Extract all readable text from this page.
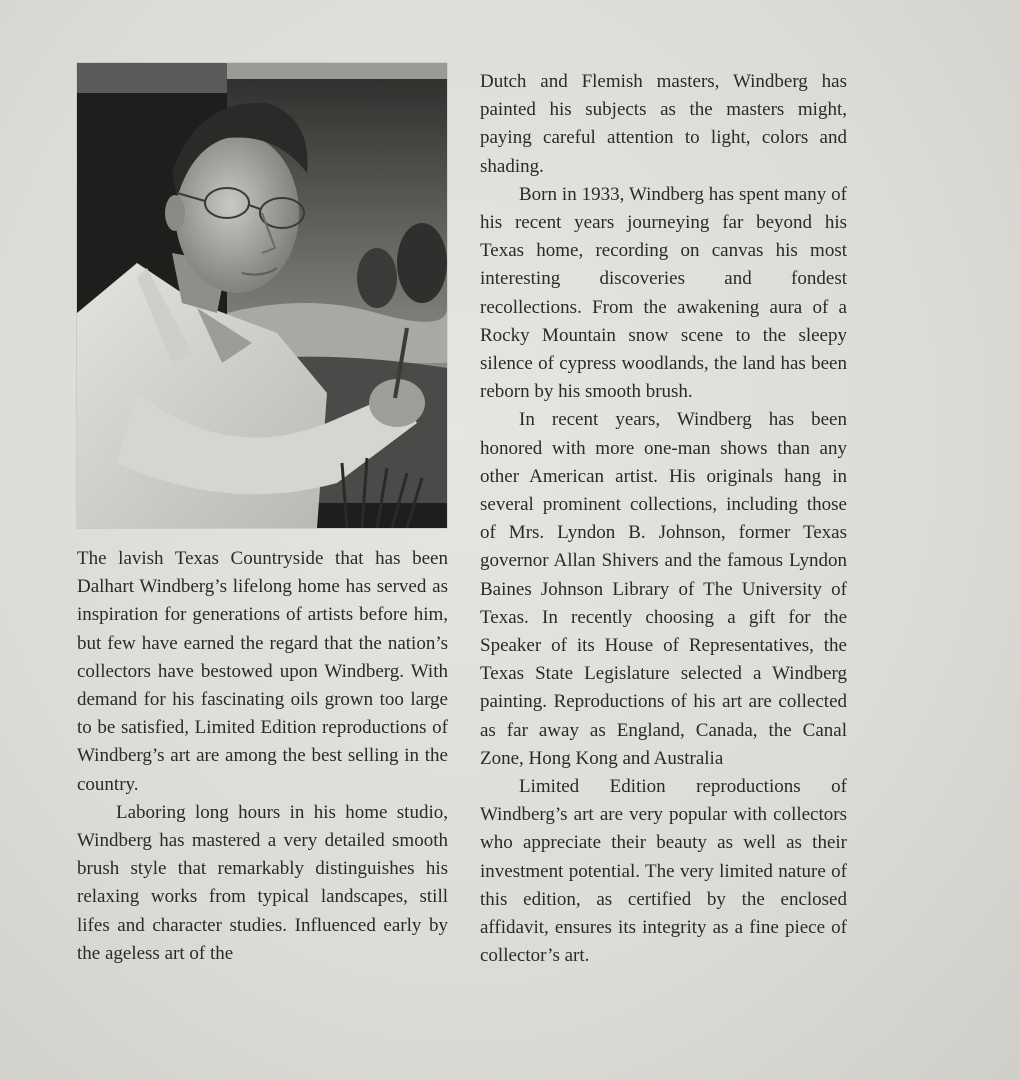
The lavish Texas Countryside that has been Dalhart Windberg’s lifelong home has served as inspiration for generations of artists before him, but few have earned the regard that the nation’s collectors have bestowed upon Windberg. With demand for his fascinating oils grown too large to be satisfied, Limited Edition reproductions of Windberg’s art are among the best selling in the country.

Laboring long hours in his home studio, Windberg has mastered a very detailed smooth brush style that remarkably distinguishes his relaxing works from typical landscapes, still lifes and character studies. Influenced early by the ageless art of the

Dutch and Flemish masters, Windberg has painted his subjects as the masters might, paying careful attention to light, colors and shading.

Born in 1933, Windberg has spent many of his recent years journeying far beyond his Texas home, recording on canvas his most interesting discoveries and fondest recollections. From the awakening aura of a Rocky Mountain snow scene to the sleepy silence of cypress woodlands, the land has been reborn by his smooth brush.

In recent years, Windberg has been honored with more one-man shows than any other American artist. His originals hang in several prominent collections, including those of Mrs. Lyndon B. Johnson, former Texas governor Allan Shivers and the famous Lyndon Baines Johnson Library of The University of Texas. In recently choosing a gift for the Speaker of its House of Representatives, the Texas State Legislature selected a Windberg painting. Reproductions of his art are collected as far away as England, Canada, the Canal Zone, Hong Kong and Australia

Limited Edition reproductions of Windberg’s art are very popular with collectors who appreciate their beauty as well as their investment potential. The very limited nature of this edition, as certified by the enclosed affidavit, ensures its integrity as a fine piece of collector’s art.
